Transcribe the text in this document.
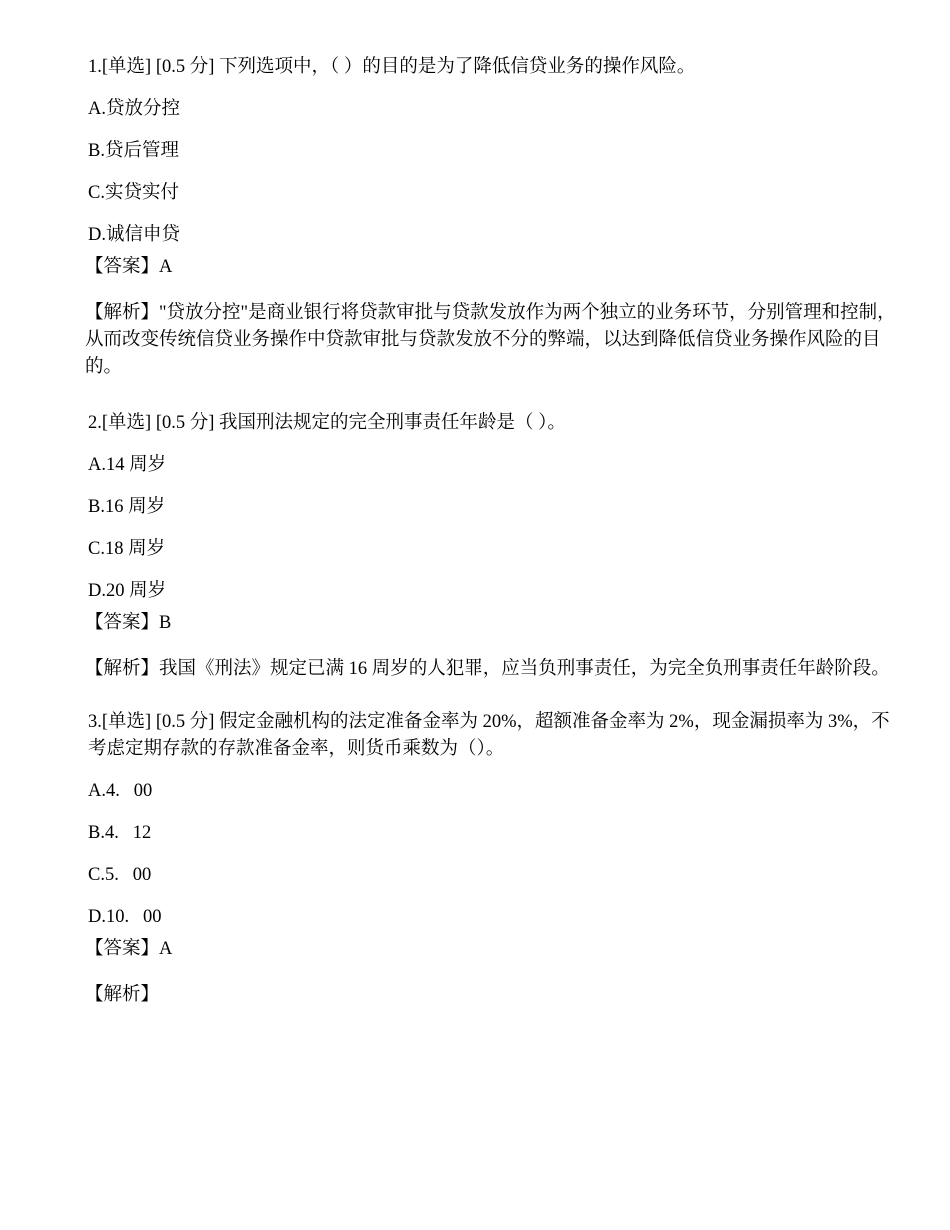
1.[单选] [0.5 分] 下列选项中，（ ）的目的是为了降低信贷业务的操作风险。

A.贷放分控
B.贷后管理
C.实贷实付
D.诚信申贷
【答案】A
【解析】"贷放分控"是商业银行将贷款审批与贷款发放作为两个独立的业务环节，分别管理和控制，从而改变传统信贷业务操作中贷款审批与贷款发放不分的弊端，以达到降低信贷业务操作风险的目的。

2.[单选] [0.5 分] 我国刑法规定的完全刑事责任年龄是（ ）。

A.14 周岁
B.16 周岁
C.18 周岁
D.20 周岁
【答案】B
【解析】我国《刑法》规定已满 16 周岁的人犯罪，应当负刑事责任，为完全负刑事责任年龄阶段。

3.[单选] [0.5 分] 假定金融机构的法定准备金率为 20%，超额准备金率为 2%，现金漏损率为 3%，不考虑定期存款的存款准备金率，则货币乘数为（）。

A.4.   00
B.4.   12
C.5.   00
D.10.   00
【答案】A
【解析】
